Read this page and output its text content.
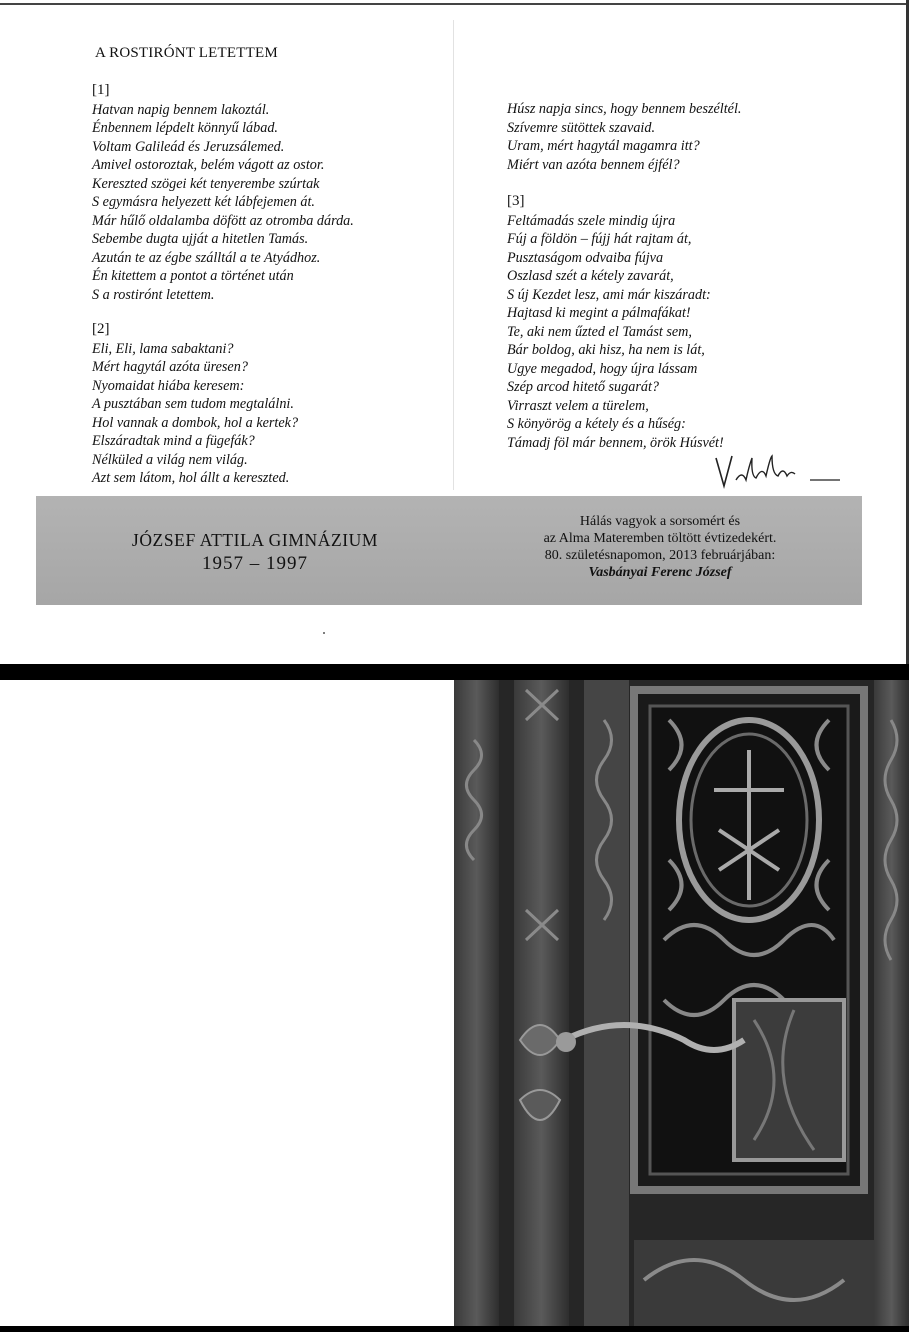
A ROSTIRÓNT LETETTEM
[1]
Hatvan napig bennem lakoztál.
Énbennem lépdelt könnyű lábad.
Voltam Galileád és Jeruzsálemed.
Amivel ostoroztak, belém vágott az ostor.
Kereszted szögei két tenyerembe szúrtak
S egymásra helyezett két lábfejemen át.
Már hűlő oldalamba döfött az otromba dárda.
Sebembe dugta ujját a hitetlen Tamás.
Azután te az égbe szálltál a te Atyádhoz.
Én kitettem a pontot a történet után
S a rostirónt letettem.
[2]
Eli, Eli, lama sabaktani?
Mért hagytál azóta üresen?
Nyomaidat hiába keresem:
A pusztában sem tudom megtalálni.
Hol vannak a dombok, hol a kertek?
Elszáradtak mind a fügefák?
Nélküled a világ nem világ.
Azt sem látom, hol állt a kereszted.
Húsz napja sincs, hogy bennem beszéltél.
Szívemre sütöttek szavaid.
Uram, mért hagytál magamra itt?
Miért van azóta bennem éjfél?
[3]
Feltámadás szele mindig újra
Fúj a földön – fújj hát rajtam át,
Pusztaságom odvaiba fújva
Oszlasd szét a kétely zavarát,
S új Kezdet lesz, ami már kiszáradt:
Hajtasd ki megint a pálmafákat!
Te, aki nem űzted el Tamást sem,
Bár boldog, aki hisz, ha nem is lát,
Ugye megadod, hogy újra lássam
Szép arcod hitető sugarát?
Virraszt velem a türelem,
S könyörög a kétely és a hűség:
Támadj föl már bennem, örök Húsvét!
JÓZSEF ATTILA GIMNÁZIUM
1957 – 1997
Hálás vagyok a sorsomért és
az Alma Materemben töltött évtizedekért.
80. születésnapomon, 2013 februárjában:
Vasbányai Ferenc József
